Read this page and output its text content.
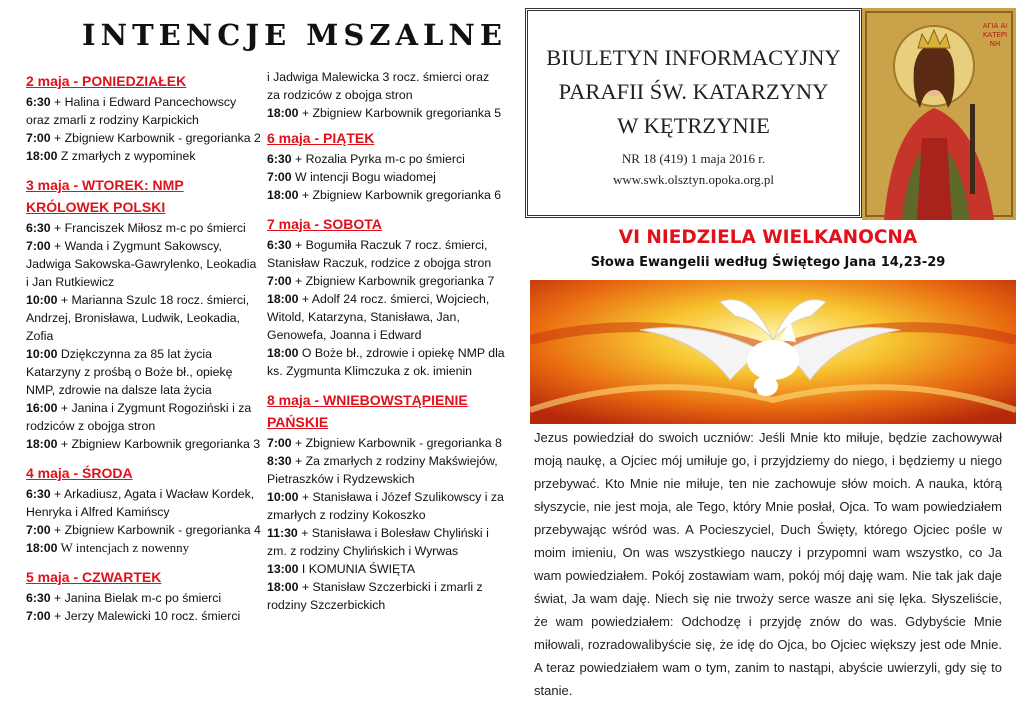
INTENCJE MSZALNE
2 maja - PONIEDZIAŁEK
6:30 + Halina i Edward Pancechowscy oraz zmarli z rodziny Karpickich
7:00 + Zbigniew Karbownik - gregorianka 2
18:00 Z zmarłych z wypominek
3 maja - WTOREK: NMP KRÓLOWEK POLSKI
6:30 + Franciszek Miłosz m-c po śmierci
7:00 + Wanda i Zygmunt Sakowscy, Jadwiga Sakowska-Gawrylenko, Leokadia i Jan Rutkiewicz
10:00 + Marianna Szulc 18 rocz. śmierci, Andrzej, Bronisława, Ludwik, Leokadia, Zofia
10:00 Dziękczynna za 85 lat życia Katarzyny z prośbą o Boże bł., opiekę NMP, zdrowie na dalsze lata życia
16:00 + Janina i Zygmunt Rogoziński i za rodziców z obojga stron
18:00 + Zbigniew Karbownik gregorianka 3
4 maja - ŚRODA
6:30 + Arkadiusz, Agata i Wacław Kordek, Henryka i Alfred Kamińscy
7:00 + Zbigniew Karbownik - gregorianka 4
18:00 W intencjach z nowenny
5 maja - CZWARTEK
6:30 + Janina Bielak m-c po śmierci
7:00 + Jerzy Malewicki 10 rocz. śmierci
i Jadwiga Malewicka 3 rocz. śmierci oraz za rodziców z obojga stron
18:00 + Zbigniew Karbownik gregorianka 5
6 maja - PIĄTEK
6:30 + Rozalia Pyrka m-c po śmierci
7:00 W intencji Bogu wiadomej
18:00 + Zbigniew Karbownik gregorianka 6
7 maja - SOBOTA
6:30 + Bogumiła Raczuk 7 rocz. śmierci, Stanisław Raczuk, rodzice z obojga stron
7:00 + Zbigniew Karbownik gregorianka 7
18:00 + Adolf 24 rocz. śmierci, Wojciech, Witold, Katarzyna, Stanisława, Jan, Genowefa, Joanna i Edward
18:00 O Boże bł., zdrowie i opiekę NMP dla ks. Zygmunta Klimczuka z ok. imienin
8 maja - WNIEBOWSTĄPIENIE PAŃSKIE
7:00 + Zbigniew Karbownik - gregorianka 8
8:30 + Za zmarłych z rodziny Makświejów, Pietraszków i Rydzewskich
10:00 + Stanisława i Józef Szulikowscy i za zmarłych z rodziny Kokoszko
11:30 + Stanisława i Bolesław Chyliński i zm. z rodziny Chylińskich i Wyrwas
13:00 I KOMUNIA ŚWIĘTA
18:00 + Stanisław Szczerbicki i zmarli z rodziny Szczerbickich
BIULETYN INFORMACYJNY
PARAFII ŚW. KATARZYNY
W KĘTRZYNIE
NR 18 (419) 1 maja 2016 r.
www.swk.olsztyn.opoka.org.pl
ΑΓΙΑ ΑΙΚΑΤΕΡΙΝΗ
VI NIEDZIELA WIELKANOCNA
Słowa Ewangelii według Świętego Jana 14,23-29
Jezus powiedział do swoich uczniów: Jeśli Mnie kto miłuje, będzie zachowywał moją naukę, a Ojciec mój umiłuje go, i przyjdziemy do niego, i będziemy u niego przebywać. Kto Mnie nie miłuje, ten nie zachowuje słów moich. A nauka, którą słyszycie, nie jest moja, ale Tego, który Mnie posłał, Ojca. To wam powiedziałem przebywając wśród was. A Pocieszyciel, Duch Święty, którego Ojciec pośle w moim imieniu, On was wszystkiego nauczy i przypomni wam wszystko, co Ja wam powiedziałem. Pokój zostawiam wam, pokój mój daję wam. Nie tak jak daje świat, Ja wam daję. Niech się nie trwoży serce wasze ani się lęka. Słyszeliście, że wam powiedziałem: Odchodzę i przyjdę znów do was. Gdybyście Mnie miłowali, rozradowalibyście się, że idę do Ojca, bo Ojciec większy jest ode Mnie. A teraz powiedziałem wam o tym, zanim to nastąpi, abyście uwierzyli, gdy się to stanie.
